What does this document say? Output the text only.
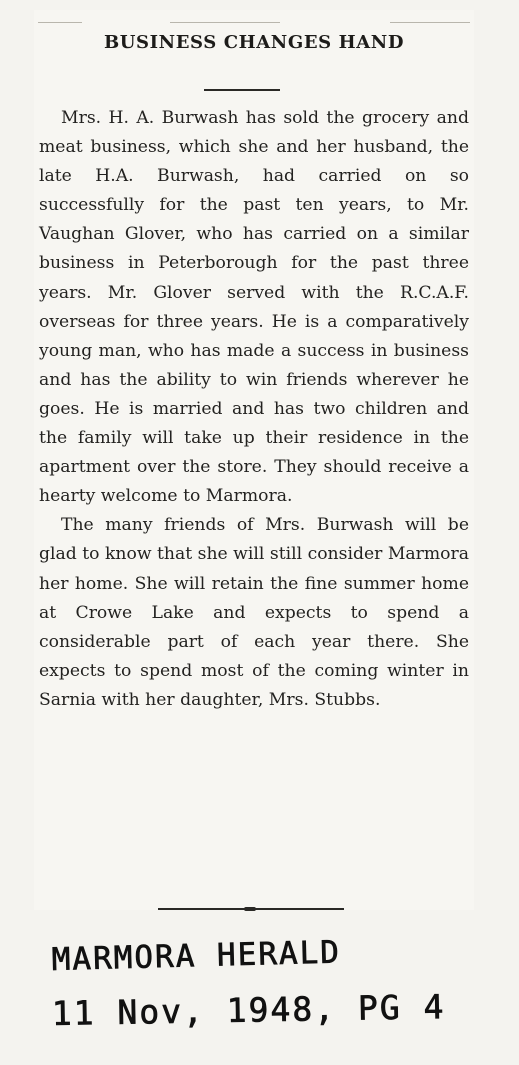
BUSINESS CHANGES HAND

Mrs. H. A. Burwash has sold the grocery and meat business, which she and her husband, the late H.A. Burwash, had carried on so successfully for the past ten years, to Mr. Vaughan Glover, who has carried on a similar business in Peterborough for the past three years. Mr. Glover served with the R.C.A.F. overseas for three years. He is a comparatively young man, who has made a success in business and has the ability to win friends wherever he goes. He is married and has two children and the family will take up their residence in the apartment over the store. They should receive a hearty welcome to Marmora.

The many friends of Mrs. Burwash will be glad to know that she will still consider Marmora her home. She will retain the fine summer home at Crowe Lake and expects to spend a considerable part of each year there. She expects to spend most of the coming winter in Sarnia with her daughter, Mrs. Stubbs.

MARMORA HERALD
11 Nov, 1948, PG 4
